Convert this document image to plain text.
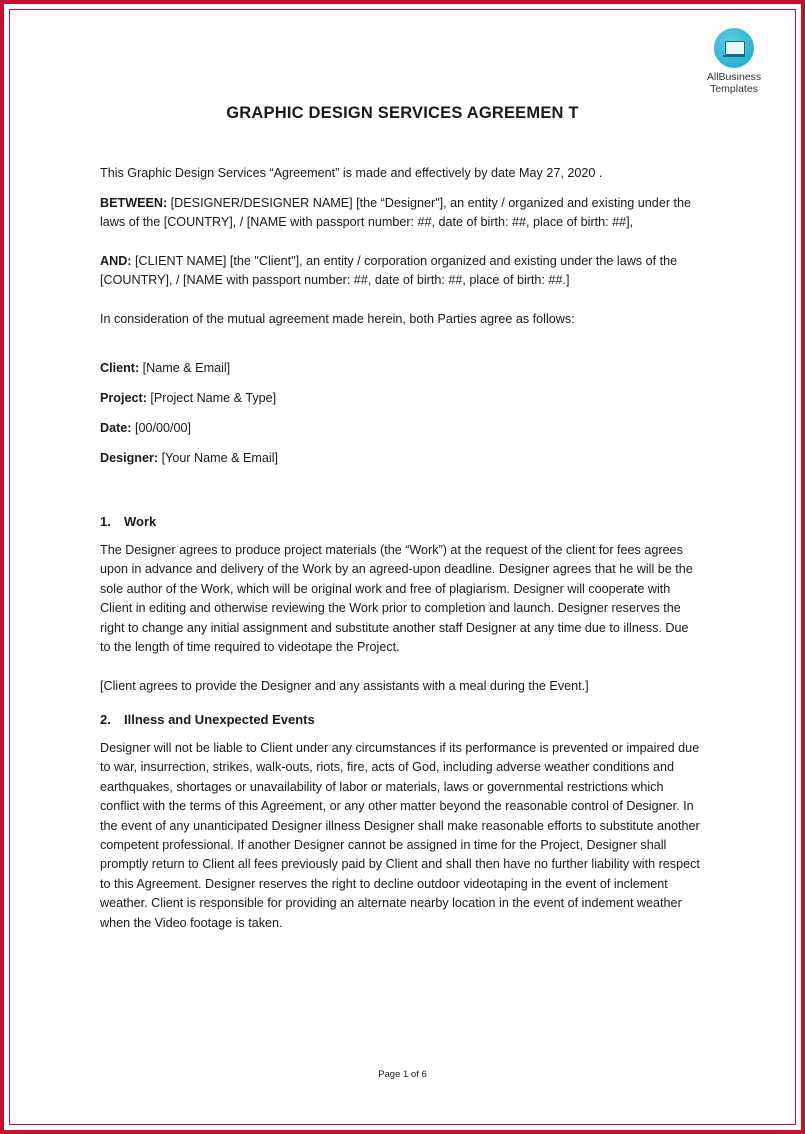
AllBusiness
Templates
GRAPHIC DESIGN SERVICES AGREEMEN T

This Graphic Design Services “Agreement” is made and effectively by date May 27, 2020 .

BETWEEN: [DESIGNER/DESIGNER NAME] [the “Designer"], an entity / organized and existing under the laws of the [COUNTRY], / [NAME with passport number: ##, date of birth: ##, place of birth: ##],

AND: [CLIENT NAME] [the "Client"], an entity / corporation organized and existing under the laws of the [COUNTRY], / [NAME with passport number: ##, date of birth: ##, place of birth: ##.]

In consideration of the mutual agreement made herein, both Parties agree as follows:

Client: [Name & Email]

Project: [Project Name & Type]

Date: [00/00/00]

Designer: [Your Name & Email]

1. Work

The Designer agrees to produce project materials (the “Work”) at the request of the client for fees agrees upon in advance and delivery of the Work by an agreed-upon deadline. Designer agrees that he will be the sole author of the Work, which will be original work and free of plagiarism. Designer will cooperate with Client in editing and otherwise reviewing the Work prior to completion and launch. Designer reserves the right to change any initial assignment and substitute another staff Designer at any time due to illness. Due to the length of time required to videotape the Project.

[Client agrees to provide the Designer and any assistants with a meal during the Event.]

2. Illness and Unexpected Events

Designer will not be liable to Client under any circumstances if its performance is prevented or impaired due to war, insurrection, strikes, walk-outs, riots, fire, acts of God, including adverse weather conditions and earthquakes, shortages or unavailability of labor or materials, laws or governmental restrictions which conflict with the terms of this Agreement, or any other matter beyond the reasonable control of Designer. In the event of any unanticipated Designer illness Designer shall make reasonable efforts to substitute another competent professional. If another Designer cannot be assigned in time for the Project, Designer shall promptly return to Client all fees previously paid by Client and shall then have no further liability with respect to this Agreement. Designer reserves the right to decline outdoor videotaping in the event of inclement weather. Client is responsible for providing an alternate nearby location in the event of indement weather when the Video footage is taken.

Page 1 of 6
